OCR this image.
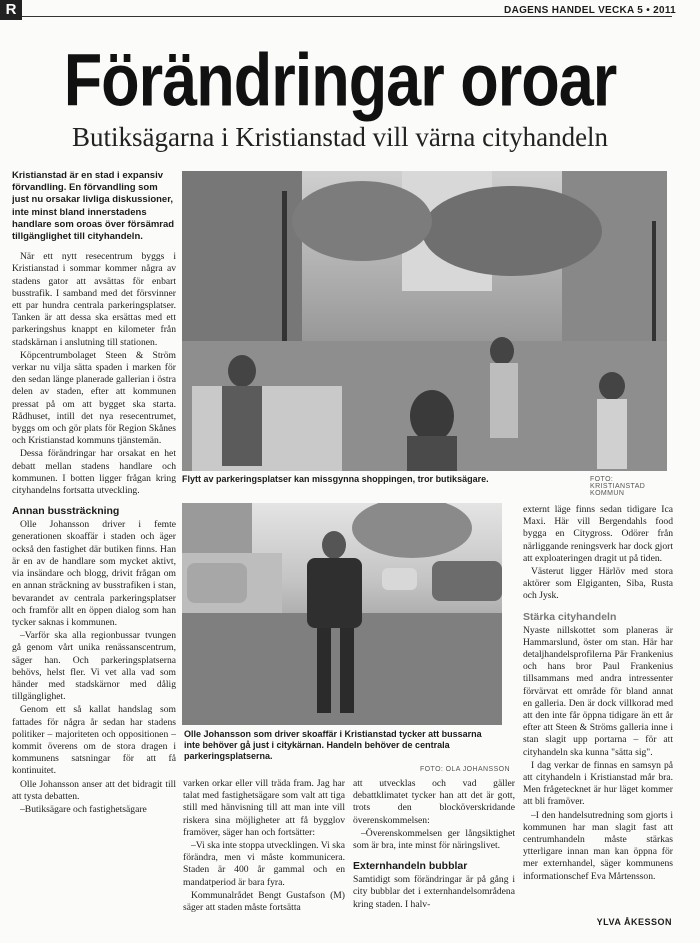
R	DAGENS HANDEL VECKA 5 • 2011
Förändringar oroar
Butiksägarna i Kristianstad vill värna cityhandeln

Kristianstad är en stad i expansiv förvandling. En förvandling som just nu orsakar livliga diskussioner, inte minst bland innerstadens handlare som oroas över försämrad tillgänglighet till cityhandeln.

När ett nytt resecentrum byggs i Kristianstad i sommar kommer några av stadens gator att avsättas för enbart busstrafik. I samband med det försvinner ett par hundra centrala parkeringsplatser. Tanken är att dessa ska ersättas med ett parkeringshus knappt en kilometer från stadskärnan i anslutning till stationen.

Köpcentrumbolaget Steen & Ström verkar nu vilja sätta spaden i marken för den sedan länge planerade gallerian i östra delen av staden, efter att kommunen pressat på om att bygget ska starta. Rådhuset, intill det nya resecentrumet, byggs om och gör plats för Region Skånes och Kristianstad kommuns tjänstemän.

Dessa förändringar har orsakat en het debatt mellan stadens handlare och kommunen. I botten ligger frågan kring cityhandelns fortsatta utveckling.

Annan bussträckning

Olle Johansson driver i femte generationen skoaffär i staden och äger också den fastighet där butiken finns. Han är en av de handlare som mycket aktivt, via insändare och blogg, drivit frågan om en annan sträckning av busstrafiken i stan, bevarandet av centrala parkeringsplatser och framför allt en öppen dialog som han tycker saknas i kommunen.

–Varför ska alla regionbussar tvungen gå genom vårt unika renässanscentrum, säger han. Och parkeringsplatserna behövs, helst fler. Vi vet alla vad som händer med stadskärnor med dålig tillgänglighet.

Genom ett så kallat handslag som fattades för några år sedan har stadens politiker – majoriteten och oppositionen – kommit överens om de stora dragen i kommunens satsningar för att få kontinuitet.

Olle Johansson anser att det bidragit till att tysta debatten.

–Butiksägare och fastighetsägare

Flytt av parkeringsplatser kan missgynna shoppingen, tror butiksägare.	FOTO: KRISTIANSTAD KOMMUN
Olle Johansson som driver skoaffär i Kristianstad tycker att bussarna inte behöver gå just i citykärnan. Handeln behöver de centrala parkeringsplatserna.
FOTO: OLA JOHANSSON

varken orkar eller vill träda fram. Jag har talat med fastighetsägare som valt att tiga still med hänvisning till att man inte vill riskera sina möjligheter att få bygglov framöver, säger han och fortsätter:

–Vi ska inte stoppa utvecklingen. Vi ska förändra, men vi måste kommunicera. Staden är 400 år gammal och en mandatperiod är bara fyra.

Kommunalrådet Bengt Gustafson (M) säger att staden måste fortsätta

att utvecklas och vad gäller debattklimatet tycker han att det är gott, trots den blocköverskridande överenskommelsen:

–Överenskommelsen ger långsiktighet som är bra, inte minst för näringslivet.

Externhandeln bubblar

Samtidigt som förändringar är på gång i city bubblar det i externhandelsområdena kring staden. I halv-

externt läge finns sedan tidigare Ica Maxi. Här vill Bergendahls food bygga en Citygross. Odörer från närliggande reningsverk har dock gjort att exploateringen dragit ut på tiden.

Västerut ligger Härlöv med stora aktörer som Elgiganten, Siba, Rusta och Jysk.

Stärka cityhandeln

Nyaste nillskottet som planeras är Hammarslund, öster om stan. Här har detaljhandelsprofilerna Pär Frankenius och hans bror Paul Frankenius tillsammans med andra intressenter förvärvat ett område för bland annat en galleria. Den är dock villkorad med att den inte får öppna tidigare än ett år efter att Steen & Ströms galleria inne i stan slagit upp portarna – för att cityhandeln ska kunna "sätta sig".

I dag verkar de finnas en samsyn på att cityhandeln i Kristianstad mår bra. Men frågetecknet är hur läget kommer att bli framöver.

–I den handelsutredning som gjorts i kommunen har man slagit fast att centrumhandeln måste stärkas ytterligare innan man kan öppna för mer externhandel, säger kommunens informationschef Eva Mårtensson.

YLVA ÅKESSON
